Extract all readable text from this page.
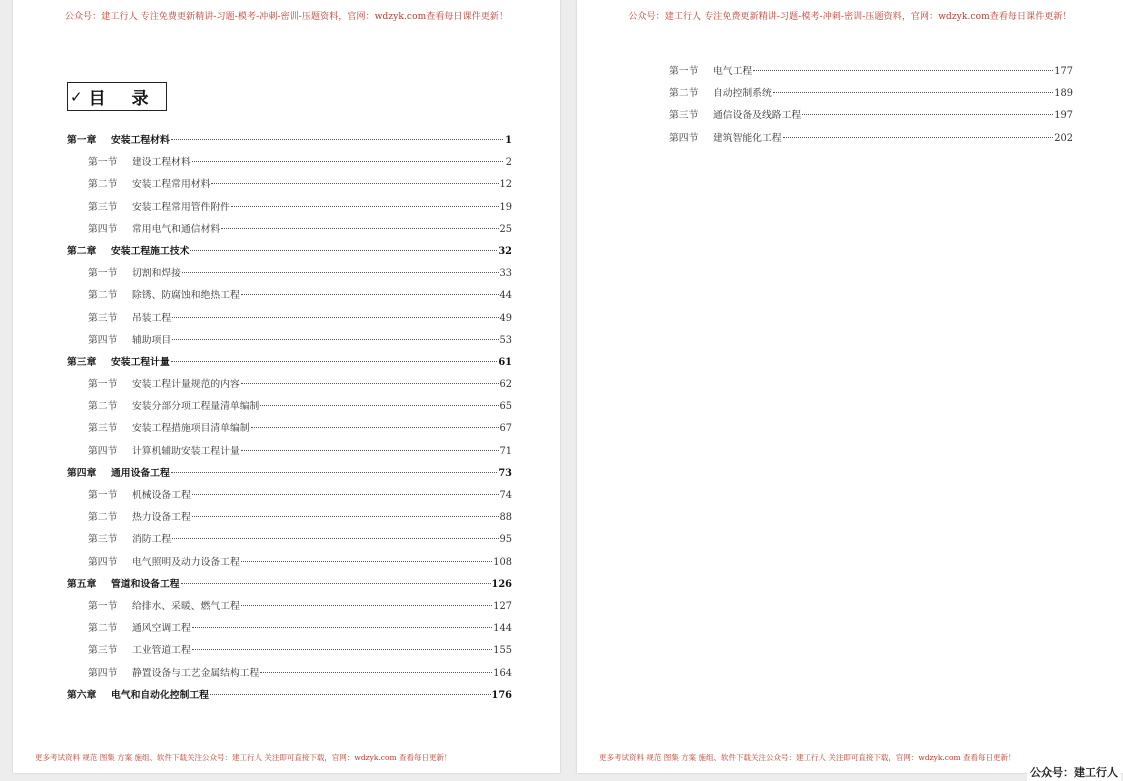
公众号：建工行人 专注免费更新精讲-习题-模考-冲刺-密训-压题资料，官网：wdzyk.com查看每日课件更新！
✓ 目 录
第一章	安装工程材料	1
第一节	建设工程材料	2
第二节	安装工程常用材料	12
第三节	安装工程常用管件附件	19
第四节	常用电气和通信材料	25
第二章	安装工程施工技术	32
第一节	切割和焊接	33
第二节	除锈、防腐蚀和绝热工程	44
第三节	吊装工程	49
第四节	辅助项目	53
第三章	安装工程计量	61
第一节	安装工程计量规范的内容	62
第二节	安装分部分项工程量清单编制	65
第三节	安装工程措施项目清单编制	67
第四节	计算机辅助安装工程计量	71
第四章	通用设备工程	73
第一节	机械设备工程	74
第二节	热力设备工程	88
第三节	消防工程	95
第四节	电气照明及动力设备工程	108
第五章	管道和设备工程	126
第一节	给排水、采暖、燃气工程	127
第二节	通风空调工程	144
第三节	工业管道工程	155
第四节	静置设备与工艺金属结构工程	164
第六章	电气和自动化控制工程	176
更多考试资料 规范 图集 方案 施组、软件下载关注公众号：建工行人 关注即可直接下载，官网：wdzyk.com 查看每日更新！
公众号：建工行人 专注免费更新精讲-习题-模考-冲刺-密训-压题资料，官网：wdzyk.com查看每日课件更新！
第一节	电气工程	177
第二节	自动控制系统	189
第三节	通信设备及线路工程	197
第四节	建筑智能化工程	202
更多考试资料 规范 图集 方案 施组、软件下载关注公众号：建工行人 关注即可直接下载，官网：wdzyk.com 查看每日更新！
公众号：建工行人
